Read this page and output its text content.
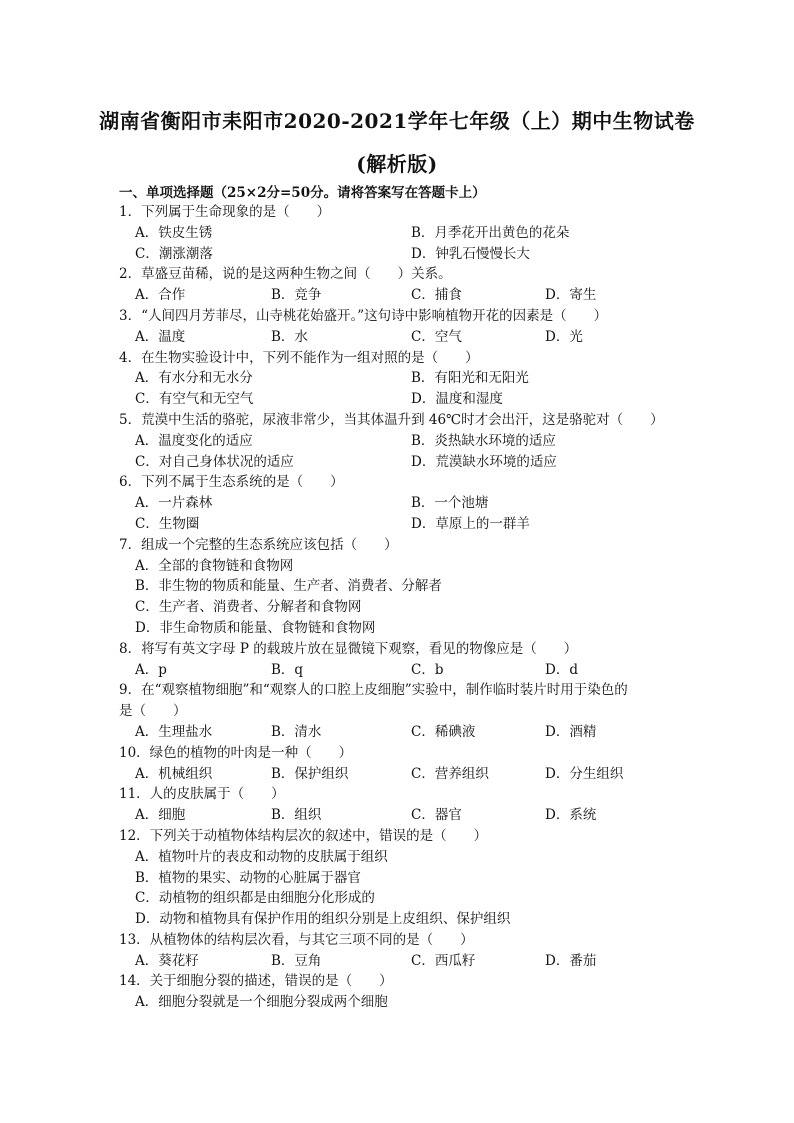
湖南省衡阳市耒阳市2020-2021学年七年级（上）期中生物试卷
(解析版)
一、单项选择题（25×2分=50分。请将答案写在答题卡上）
1．下列属于生命现象的是（　　）
A．铁皮生锈	B．月季花开出黄色的花朵
C．潮涨潮落	D．钟乳石慢慢长大
2．草盛豆苗稀，说的是这两种生物之间（　　）关系。
A．合作	B．竞争	C．捕食	D．寄生
3．“人间四月芳菲尽，山寺桃花始盛开。”这句诗中影响植物开花的因素是（　　）
A．温度	B．水	C．空气	D．光
4．在生物实验设计中，下列不能作为一组对照的是（　　）
A．有水分和无水分	B．有阳光和无阳光
C．有空气和无空气	D．温度和湿度
5．荒漠中生活的骆驼，尿液非常少，当其体温升到 46℃时才会出汗，这是骆驼对（　　）
A．温度变化的适应	B．炎热缺水环境的适应
C．对自己身体状况的适应	D．荒漠缺水环境的适应
6．下列不属于生态系统的是（　　）
A．一片森林	B．一个池塘
C．生物圈	D．草原上的一群羊
7．组成一个完整的生态系统应该包括（　　）
A．全部的食物链和食物网
B．非生物的物质和能量、生产者、消费者、分解者
C．生产者、消费者、分解者和食物网
D．非生命物质和能量、食物链和食物网
8．将写有英文字母 P 的载玻片放在显微镜下观察，看见的物像应是（　　）
A．p	B．q	C．b	D．d
9．在“观察植物细胞”和“观察人的口腔上皮细胞”实验中，制作临时装片时用于染色的
是（　　）
A．生理盐水	B．清水	C．稀碘液	D．酒精
10．绿色的植物的叶肉是一种（　　）
A．机械组织	B．保护组织	C．营养组织	D．分生组织
11．人的皮肤属于（　　）
A．细胞	B．组织	C．器官	D．系统
12．下列关于动植物体结构层次的叙述中，错误的是（　　）
A．植物叶片的表皮和动物的皮肤属于组织
B．植物的果实、动物的心脏属于器官
C．动植物的组织都是由细胞分化形成的
D．动物和植物具有保护作用的组织分别是上皮组织、保护组织
13．从植物体的结构层次看，与其它三项不同的是（　　）
A．葵花籽	B．豆角	C．西瓜籽	D．番茄
14．关于细胞分裂的描述，错误的是（　　）
A．细胞分裂就是一个细胞分裂成两个细胞
